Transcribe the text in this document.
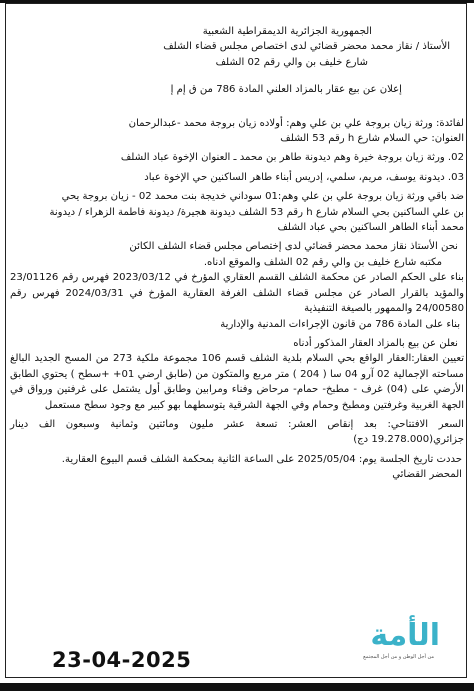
الجمهورية الجزائرية الديمقراطية الشعبية

الأستاذ / نقاز محمد محضر قضائي لدى اختصاص مجلس قضاء الشلف

شارع خليف بن والي رقم 02 الشلف

إعلان عن بيع عقار بالمزاد العلني المادة 786 من ق إم إ

لفائدة: ورثة زيان بروجة علي بن علي وهم: أولاده زيان بروجة محمد -عبدالرحمان

العنوان: حي السلام شارع h رقم 53 الشلف

02. ورثة زيان بروجة خيرة وهم ديدونة طاهر بن محمد ـ العنوان الإخوة عباد الشلف

03. ديدونة يوسف، مريم، سلمي، إدريس أبناء طاهر الساكنين حي الإخوة عباد

ضد باقي ورثة زيان بروجة علي بن علي وهم:01 سوداني خديجة بنت محمد 02 - زيان بروجة يحي

بن علي الساكنين بحي السلام شارع h رقم 53 الشلف ديدونة هجيرة/ ديدونة فاطمة الزهراء / ديدونة

محمد أبناء الطاهر الساكنين بحي عباد الشلف

نحن الأستاذ نقاز محمد محضر قضائي لدى إختصاص مجلس قضاء الشلف الكائن

مكتبه شارع خليف بن والي رقم 02 الشلف والموقع ادناه.

بناء على الحكم الصادر عن محكمة الشلف القسم العقاري المؤرخ في 2023/03/12 فهرس رقم 23/01126 والمؤيد بالقرار الصادر عن مجلس قضاء الشلف الغرفة العقارية المؤرخ في 2024/03/31 فهرس رقم 24/00580 والممهور بالصيغة التنفيذية

بناء على المادة 786 من قانون الإجراءات المدنية والإدارية

نعلن عن بيع بالمزاد العقار المذكور أدناه

تعيين العقار:العقار الواقع بحي السلام بلدية الشلف قسم 106 مجموعة ملكية 273 من المسح الجديد البالغ مساحته الإجمالية 02 آرو 04 سا ( 204 ) متر مربع والمتكون من (طابق ارضي 01+ +سطح ) يحتوي الطابق الأرضي على (04) غرف - مطبخ- حمام- مرحاض وفناء ومرابين وطابق أول يشتمل على غرفتين ورواق في الجهة الغربية وغرفتين ومطبخ وحمام وفي الجهة الشرقية يتوسطهما بهو كبير مع وجود سطح مستعمل

السعر الافتتاحي: بعد إنقاص العشر: تسعة عشر مليون ومائتين وثمانية وسبعون الف دينار جزائري(19.278.000 دج)

حددت تاريخ الجلسة يوم: 2025/05/04 على الساعة الثانية بمحكمة الشلف قسم البيوع العقارية.

المحضر القضائي

الأمة
من أجل الوطن و من أجل المجتمع
23-04-2025
